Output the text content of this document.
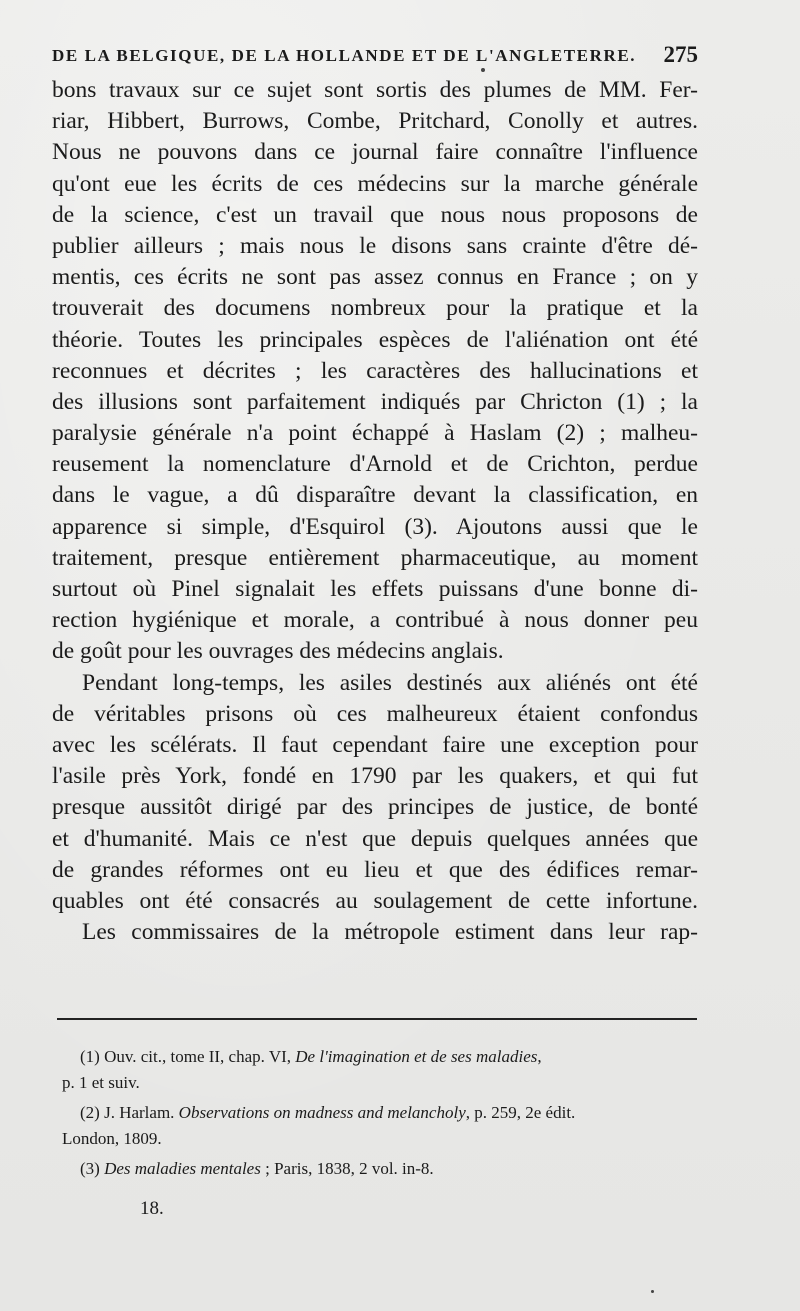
DE LA BELGIQUE, DE LA HOLLANDE ET DE L'ANGLETERRE. 275
bons travaux sur ce sujet sont sortis des plumes de MM. Fer-
riar, Hibbert, Burrows, Combe, Pritchard, Conolly et autres.
Nous ne pouvons dans ce journal faire connaître l'influence
qu'ont eue les écrits de ces médecins sur la marche générale
de la science, c'est un travail que nous nous proposons de
publier ailleurs ; mais nous le disons sans crainte d'être dé-
mentis, ces écrits ne sont pas assez connus en France ; on y
trouverait des documens nombreux pour la pratique et la
théorie. Toutes les principales espèces de l'aliénation ont été
reconnues et décrites ; les caractères des hallucinations et
des illusions sont parfaitement indiqués par Chricton (1) ; la
paralysie générale n'a point échappé à Haslam (2) ; malheu-
reusement la nomenclature d'Arnold et de Crichton, perdue
dans le vague, a dû disparaître devant la classification, en
apparence si simple, d'Esquirol (3). Ajoutons aussi que le
traitement, presque entièrement pharmaceutique, au moment
surtout où Pinel signalait les effets puissans d'une bonne di-
rection hygiénique et morale, a contribué à nous donner peu
de goût pour les ouvrages des médecins anglais.
Pendant long-temps, les asiles destinés aux aliénés ont été
de véritables prisons où ces malheureux étaient confondus
avec les scélérats. Il faut cependant faire une exception pour
l'asile près York, fondé en 1790 par les quakers, et qui fut
presque aussitôt dirigé par des principes de justice, de bonté
et d'humanité. Mais ce n'est que depuis quelques années que
de grandes réformes ont eu lieu et que des édifices remar-
quables ont été consacrés au soulagement de cette infortune.
Les commissaires de la métropole estiment dans leur rap-
(1) Ouv. cit., tome II, chap. VI, De l'imagination et de ses maladies,
p. 1 et suiv.
(2) J. Harlam. Observations on madness and melancholy, p. 259, 2e édit.
London, 1809.
(3) Des maladies mentales ; Paris, 1838, 2 vol. in-8.
18.
